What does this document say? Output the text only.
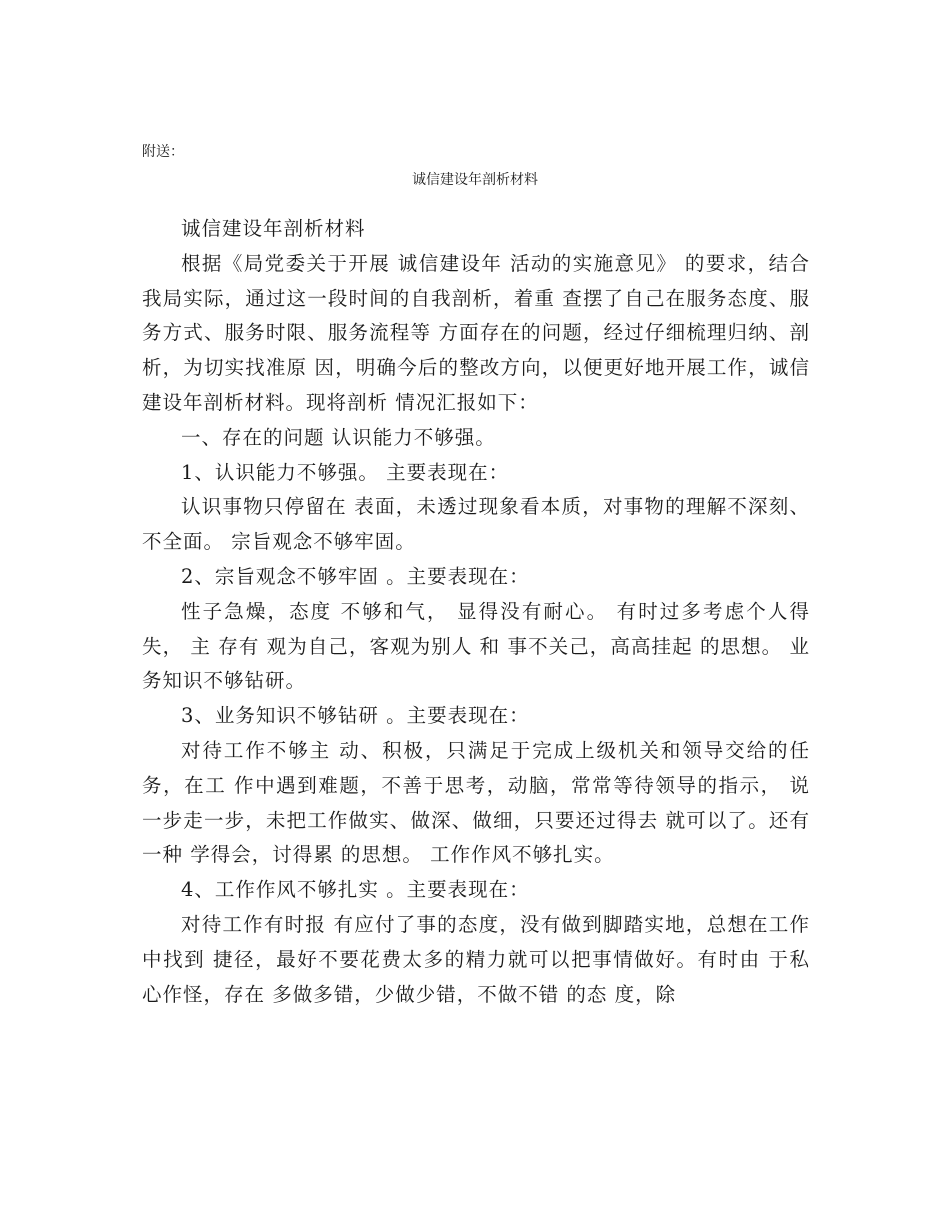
附送：
诚信建设年剖析材料

诚信建设年剖析材料

根据《局党委关于开展 诚信建设年 活动的实施意见》 的要求，结合我局实际，通过这一段时间的自我剖析，着重 查摆了自己在服务态度、服务方式、服务时限、服务流程等 方面存在的问题，经过仔细梳理归纳、剖析，为切实找准原 因，明确今后的整改方向，以便更好地开展工作，诚信建设年剖析材料。现将剖析 情况汇报如下：

一、存在的问题 认识能力不够强。

1、认识能力不够强。 主要表现在：

认识事物只停留在 表面，未透过现象看本质，对事物的理解不深刻、不全面。 宗旨观念不够牢固。

2、宗旨观念不够牢固 。主要表现在：

性子急燥，态度 不够和气， 显得没有耐心。 有时过多考虑个人得失， 主 存有 观为自己，客观为别人 和 事不关己，高高挂起 的思想。 业务知识不够钻研。

3、业务知识不够钻研 。主要表现在：

对待工作不够主 动、积极，只满足于完成上级机关和领导交给的任务，在工 作中遇到难题，不善于思考，动脑，常常等待领导的指示， 说一步走一步，未把工作做实、做深、做细，只要还过得去 就可以了。还有一种 学得会，讨得累 的思想。 工作作风不够扎实。

4、工作作风不够扎实 。主要表现在：

对待工作有时报 有应付了事的态度，没有做到脚踏实地，总想在工作中找到 捷径，最好不要花费太多的精力就可以把事情做好。有时由 于私心作怪，存在 多做多错，少做少错，不做不错 的态 度，除
